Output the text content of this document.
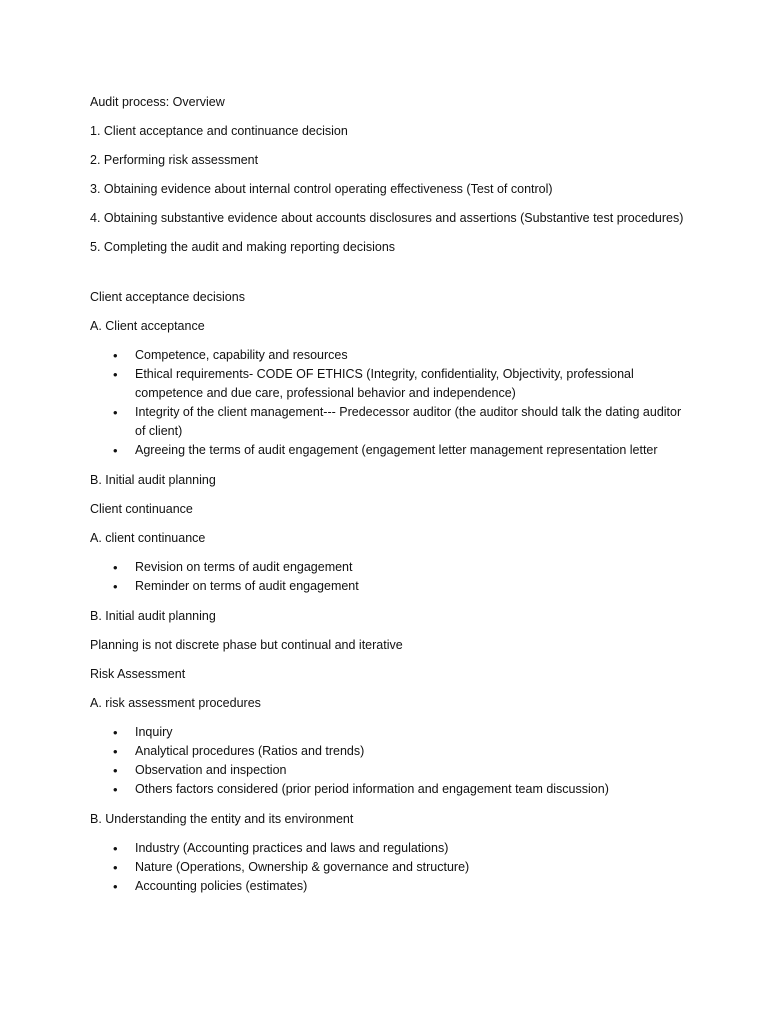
Audit process: Overview

1. Client acceptance and continuance decision

2. Performing risk assessment

3. Obtaining evidence about internal control operating effectiveness (Test of control)

4. Obtaining substantive evidence about accounts disclosures and assertions (Substantive test procedures)

5. Completing the audit and making reporting decisions

Client acceptance decisions

A. Client acceptance

• Competence, capability and resources
• Ethical requirements- CODE OF ETHICS (Integrity, confidentiality, Objectivity, professional competence and due care, professional behavior and independence)
• Integrity of the client management--- Predecessor auditor (the auditor should talk the dating auditor of client)
• Agreeing the terms of audit engagement (engagement letter management representation letter

B. Initial audit planning

Client continuance

A. client continuance

• Revision on terms of audit engagement
• Reminder on terms of audit engagement

B. Initial audit planning

Planning is not discrete phase but continual and iterative

Risk Assessment

A. risk assessment procedures

• Inquiry
• Analytical procedures (Ratios and trends)
• Observation and inspection
• Others factors considered (prior period information and engagement team discussion)

B. Understanding the entity and its environment

• Industry (Accounting practices and laws and regulations)
• Nature (Operations, Ownership & governance and structure)
• Accounting policies (estimates)
